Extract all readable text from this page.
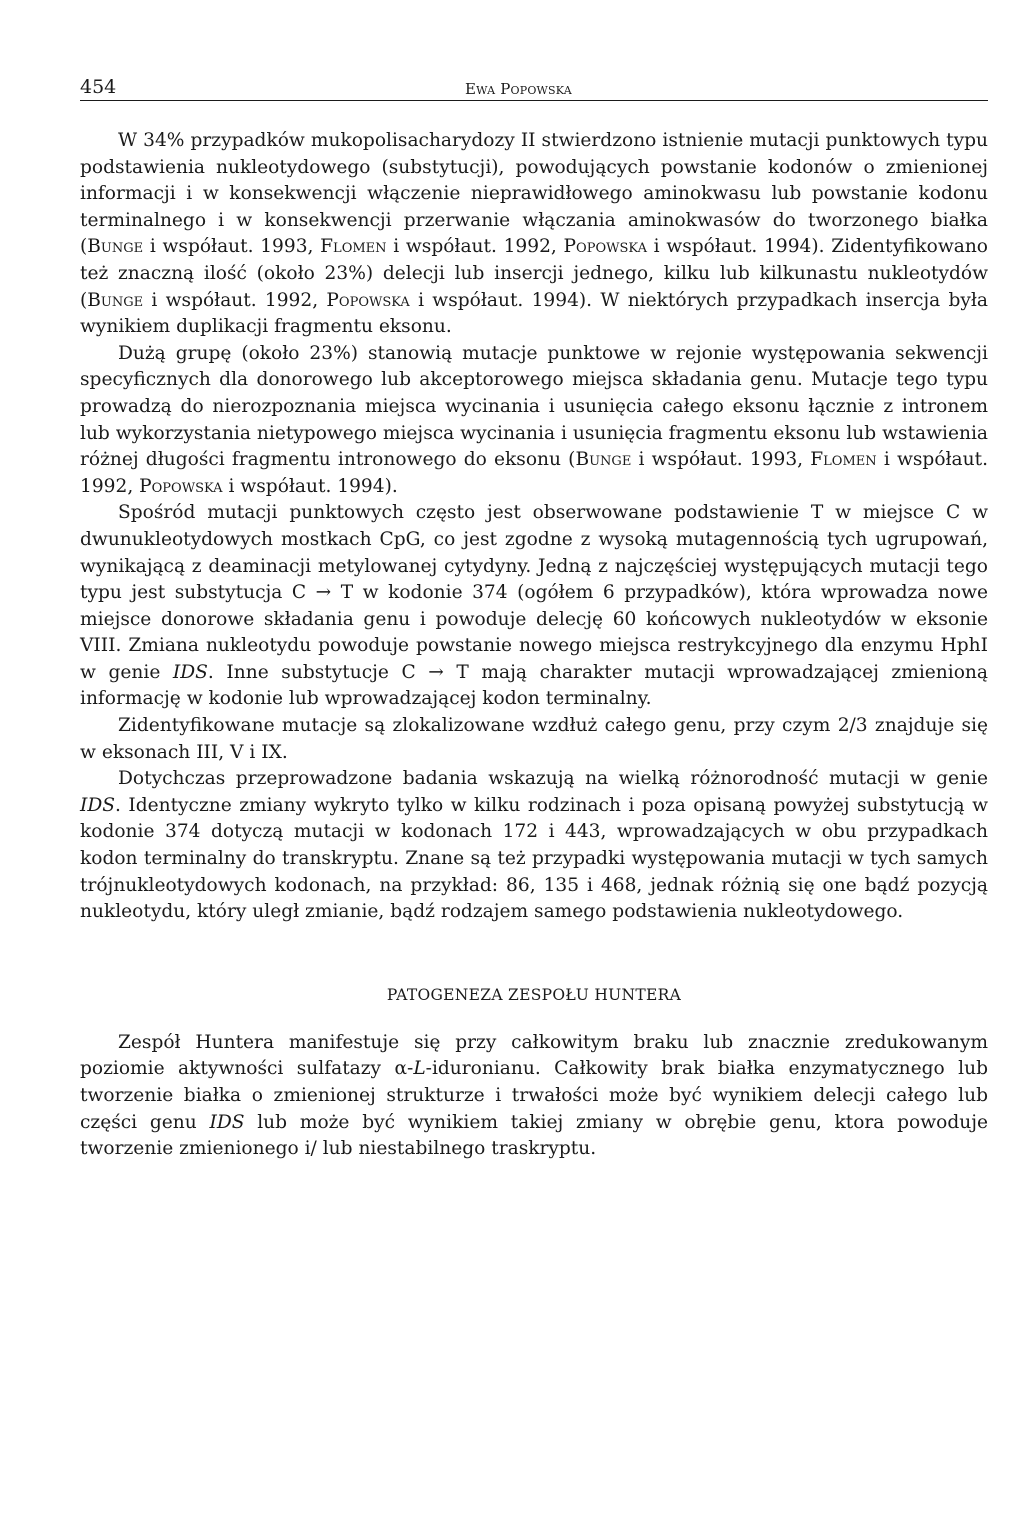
454	Ewa Popowska

W 34% przypadków mukopolisacharydozy II stwierdzono istnienie mutacji punktowych typu podstawienia nukleotydowego (substytucji), powodujących powstanie kodonów o zmienionej informacji i w konsekwencji włączenie nieprawidłowego aminokwasu lub powstanie kodonu terminalnego i w konsekwencji przerwanie włączania aminokwasów do tworzonego białka (Bunge i współaut. 1993, Flomen i współaut. 1992, Popowska i współaut. 1994). Zidentyfikowano też znaczną ilość (około 23%) delecji lub insercji jednego, kilku lub kilkunastu nukleotydów (Bunge i współaut. 1992, Popowska i współaut. 1994). W niektórych przypadkach insercja była wynikiem duplikacji fragmentu eksonu.

Dużą grupę (około 23%) stanowią mutacje punktowe w rejonie występowania sekwencji specyficznych dla donorowego lub akceptorowego miejsca składania genu. Mutacje tego typu prowadzą do nierozpoznania miejsca wycinania i usunięcia całego eksonu łącznie z intronem lub wykorzystania nietypowego miejsca wycinania i usunięcia fragmentu eksonu lub wstawienia różnej długości fragmentu intronowego do eksonu (Bunge i współaut. 1993, Flomen i współaut. 1992, Popowska i współaut. 1994).

Spośród mutacji punktowych często jest obserwowane podstawienie T w miejsce C w dwunukleotydowych mostkach CpG, co jest zgodne z wysoką mutagennością tych ugrupowań, wynikającą z deaminacji metylowanej cytydyny. Jedną z najczęściej występujących mutacji tego typu jest substytucja C → T w kodonie 374 (ogółem 6 przypadków), która wprowadza nowe miejsce donorowe składania genu i powoduje delecję 60 końcowych nukleotydów w eksonie VIII. Zmiana nukleotydu powoduje powstanie nowego miejsca restrykcyjnego dla enzymu HphI w genie IDS. Inne substytucje C → T mają charakter mutacji wprowadzającej zmienioną informację w kodonie lub wprowadzającej kodon terminalny.

Zidentyfikowane mutacje są zlokalizowane wzdłuż całego genu, przy czym 2/3 znajduje się w eksonach III, V i IX.

Dotychczas przeprowadzone badania wskazują na wielką różnorodność mutacji w genie IDS. Identyczne zmiany wykryto tylko w kilku rodzinach i poza opisaną powyżej substytucją w kodonie 374 dotyczą mutacji w kodonach 172 i 443, wprowadzających w obu przypadkach kodon terminalny do transkryptu. Znane są też przypadki występowania mutacji w tych samych trójnukleotydowych kodonach, na przykład: 86, 135 i 468, jednak różnią się one bądź pozycją nukleotydu, który uległ zmianie, bądź rodzajem samego podstawienia nukleotydowego.

PATOGENEZA ZESPOŁU HUNTERA

Zespół Huntera manifestuje się przy całkowitym braku lub znacznie zredukowanym poziomie aktywności sulfatazy α-L-iduronianu. Całkowity brak białka enzymatycznego lub tworzenie białka o zmienionej strukturze i trwałości może być wynikiem delecji całego lub części genu IDS lub może być wynikiem takiej zmiany w obrębie genu, ktora powoduje tworzenie zmienionego i/ lub niestabilnego traskryptu.
